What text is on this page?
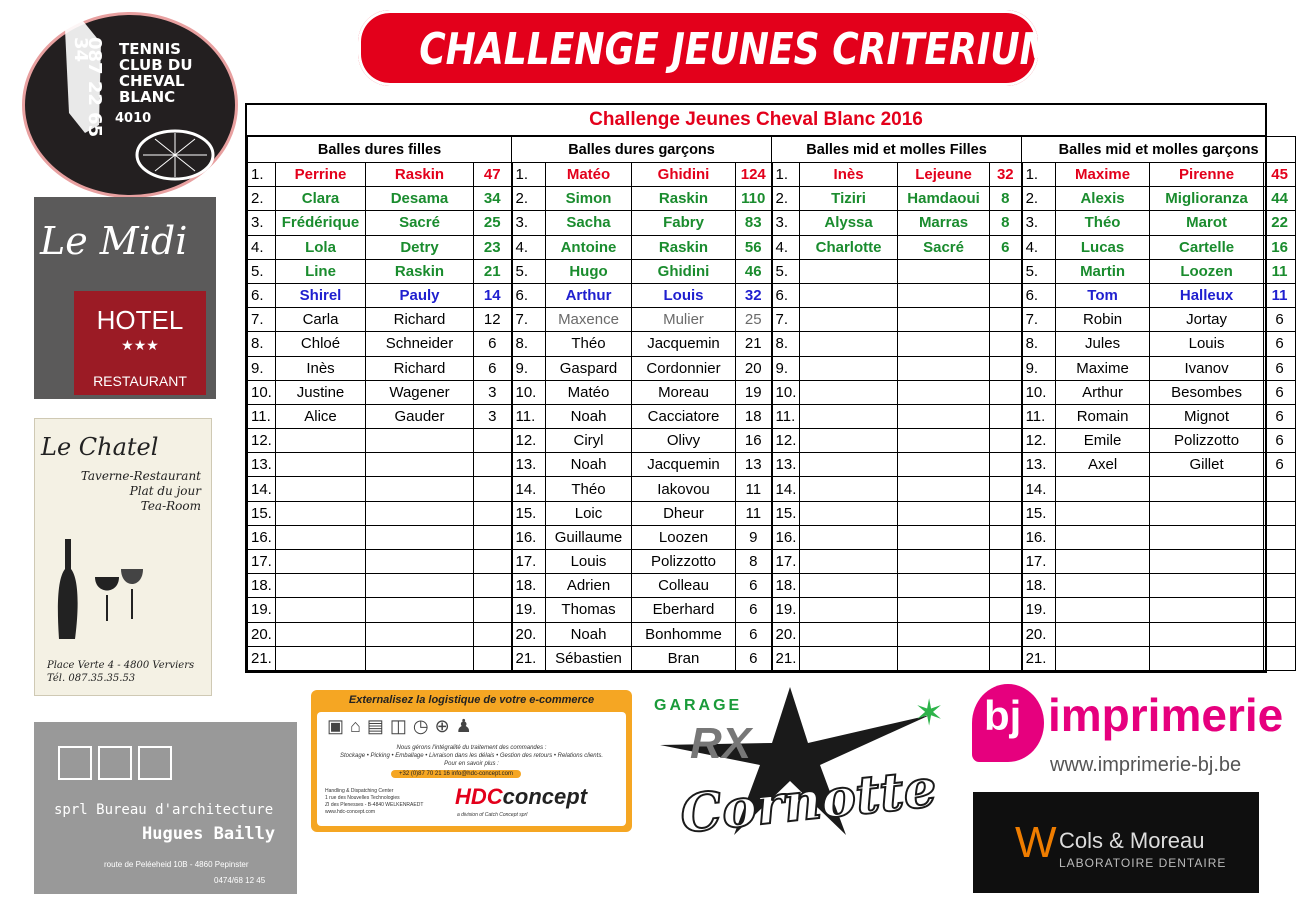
CHALLENGE JEUNES CRITERIUM 2016
087 22 65 34	TENNIS
CLUB DU
CHEVAL
BLANC
4010
Le Midi
HOTEL
★★★
RESTAURANT
Le Chatel
Taverne-Restaurant
Plat du jour
Tea-Room
Place Verte 4 - 4800 Verviers
Tél. 087.35.35.53
sprl Bureau d'architecture
Hugues Bailly
route de Peléeheid 10B - 4860 Pepinster
0474/68 12 45
Externalisez la logistique de votre e-commerce
▣⌂▤◫◷⊕♟
Nous gérons l'intégralité du traitement des commandes :
Stockage • Picking • Emballage • Livraison dans les délais • Gestion des retours • Relations clients.
Pour en savoir plus :
+32 (0)87 70 21 16 info@hdc-concept.com
Handling & Dispatching Center
1 rue des Nouvelles Technologies
ZI des Plenesses - B-4840 WELKENRAEDT
www.hdc-concept.com
HDCconcept
a division of Catch Concept sprl
GARAGE
RX
Cornotte
✶ bj imprimerie
www.imprimerie-bj.be
W Cols & Moreau
LABORATOIRE DENTAIRE
Challenge Jeunes Cheval Blanc 2016
Balles dures filles				Balles dures garçons				Balles mid et molles Filles				Balles mid et molles garçons			
1.	Perrine	Raskin	47	1.	Matéo	Ghidini	124	1.	Inès	Lejeune	32	1.	Maxime	Pirenne	45
2.	Clara	Desama	34	2.	Simon	Raskin	110	2.	Tiziri	Hamdaoui	8	2.	Alexis	Miglioranza	44
3.	Frédérique	Sacré	25	3.	Sacha	Fabry	83	3.	Alyssa	Marras	8	3.	Théo	Marot	22
4.	Lola	Detry	23	4.	Antoine	Raskin	56	4.	Charlotte	Sacré	6	4.	Lucas	Cartelle	16
5.	Line	Raskin	21	5.	Hugo	Ghidini	46	5.				5.	Martin	Loozen	11
6.	Shirel	Pauly	14	6.	Arthur	Louis	32	6.				6.	Tom	Halleux	11
7.	Carla	Richard	12	7.	Maxence	Mulier	25	7.				7.	Robin	Jortay	6
8.	Chloé	Schneider	6	8.	Théo	Jacquemin	21	8.				8.	Jules	Louis	6
9.	Inès	Richard	6	9.	Gaspard	Cordonnier	20	9.				9.	Maxime	Ivanov	6
10.	Justine	Wagener	3	10.	Matéo	Moreau	19	10.				10.	Arthur	Besombes	6
11.	Alice	Gauder	3	11.	Noah	Cacciatore	18	11.				11.	Romain	Mignot	6
12.				12.	Ciryl	Olivy	16	12.				12.	Emile	Polizzotto	6
13.				13.	Noah	Jacquemin	13	13.				13.	Axel	Gillet	6
14.				14.	Théo	Iakovou	11	14.				14.			
15.				15.	Loic	Dheur	11	15.				15.			
16.				16.	Guillaume	Loozen	9	16.				16.			
17.				17.	Louis	Polizzotto	8	17.				17.			
18.				18.	Adrien	Colleau	6	18.				18.			
19.				19.	Thomas	Eberhard	6	19.				19.			
20.				20.	Noah	Bonhomme	6	20.				20.			
21.				21.	Sébastien	Bran	6	21.				21.			
